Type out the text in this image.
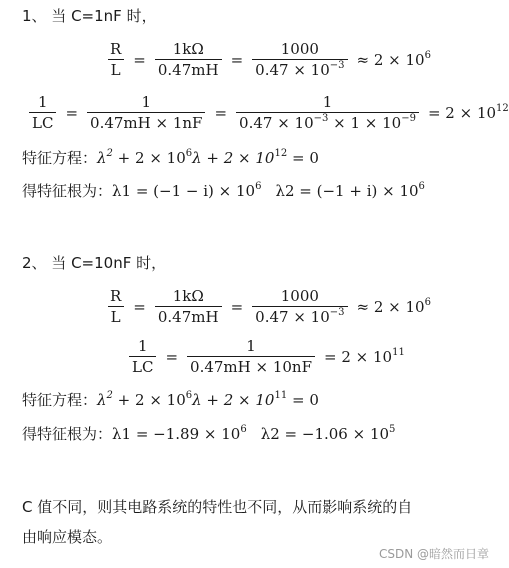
1、 当 C=1nF 时，
$\frac{R}{L} = \frac{1k\Omega}{0.47mH} = \frac{1000}{0.47 \times 10^{-3}} \approx 2 \times 10^6$
$\frac{1}{LC} = \frac{1}{0.47mH \times 1nF} = \frac{1}{0.47 \times 10^{-3} \times 1 \times 10^{-9}} = 2 \times 10^{12}$
特征方程：$\lambda^2 + 2 \times 10^6\lambda + 2 \times 10^{12} = 0$
得特征根为：$\lambda 1 = (-1 - i) \times 10^6$ $\lambda 2 = (-1 + i) \times 10^6$
2、 当 C=10nF 时，
$\frac{R}{L} = \frac{1k\Omega}{0.47mH} = \frac{1000}{0.47 \times 10^{-3}} \approx 2 \times 10^6$
$\frac{1}{LC} = \frac{1}{0.47mH \times 10nF} = 2 \times 10^{11}$
特征方程：$\lambda^2 + 2 \times 10^6\lambda + 2 \times 10^{11} = 0$
得特征根为：$\lambda 1 = -1.89 \times 10^6$ $\lambda 2 = -1.06 \times 10^5$
C 值不同，则其电路系统的特性也不同，从而影响系统的自
由响应模态。
CSDN @暗然而日章
